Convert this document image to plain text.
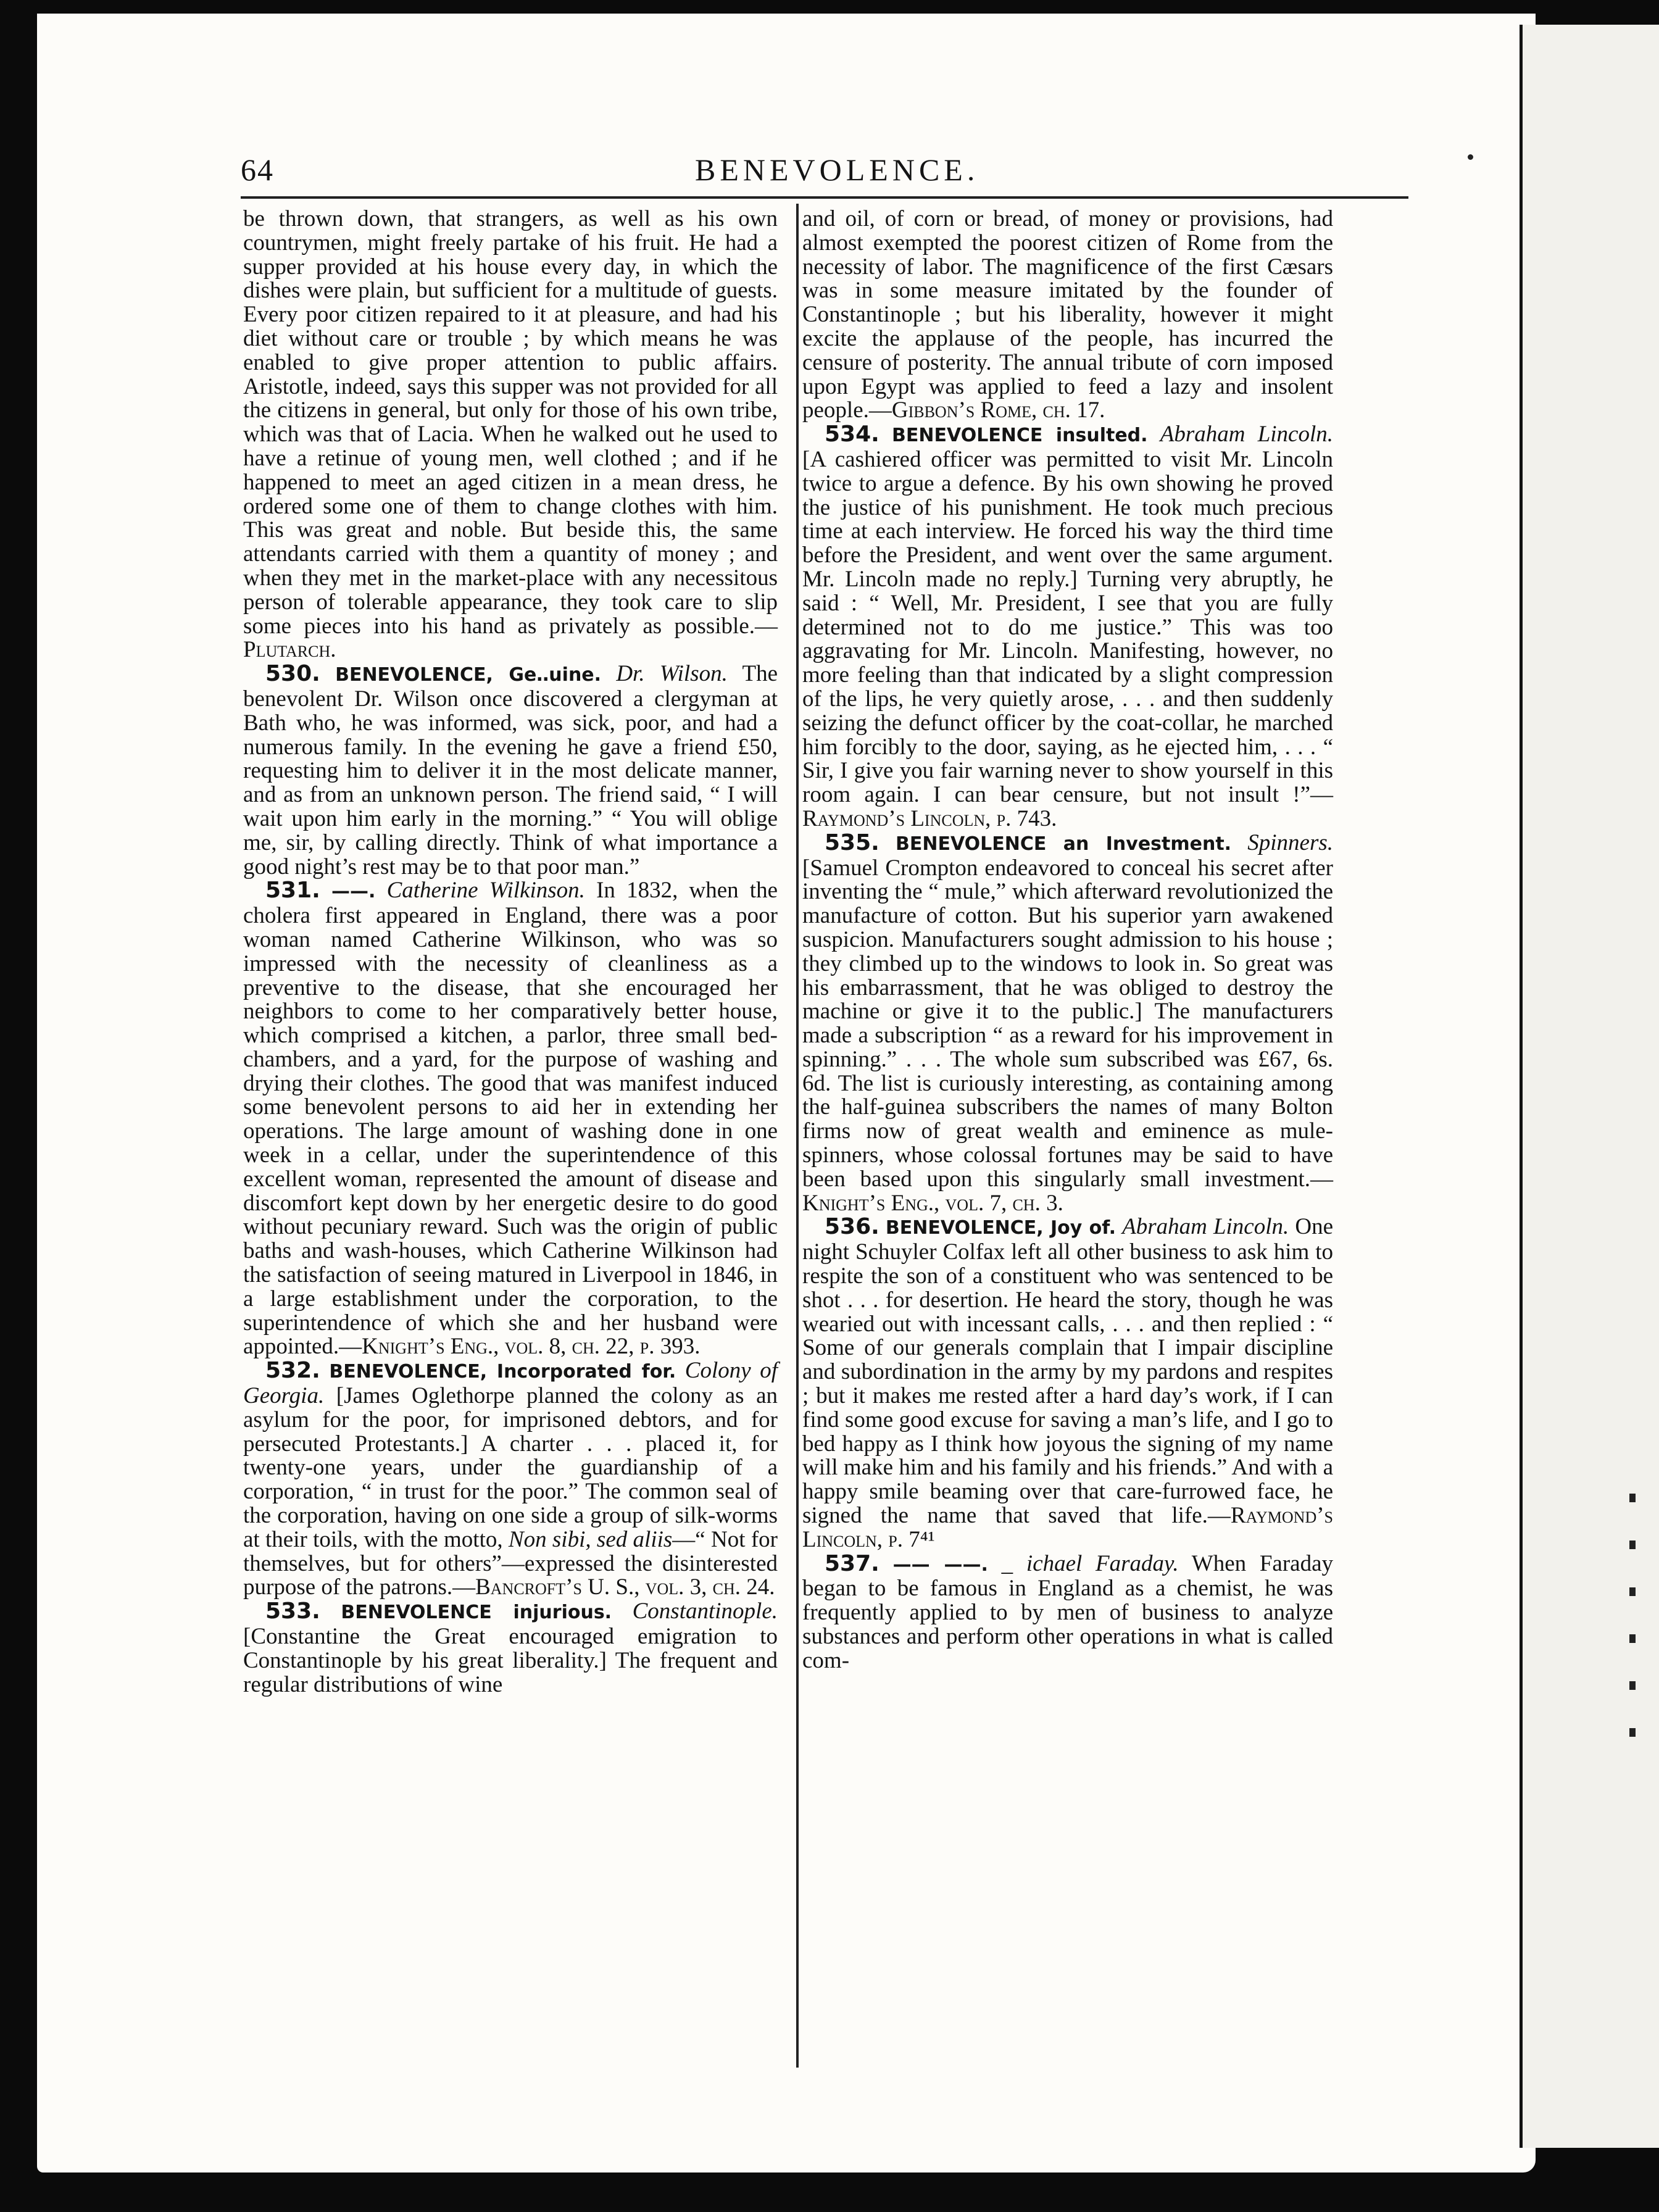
64	BENEVOLENCE.

be thrown down, that strangers, as well as his own countrymen, might freely partake of his fruit. He had a supper provided at his house every day, in which the dishes were plain, but sufficient for a multitude of guests. Every poor citizen repaired to it at pleasure, and had his diet without care or trouble ; by which means he was enabled to give proper attention to public affairs. Aristotle, indeed, says this supper was not provided for all the citizens in general, but only for those of his own tribe, which was that of Lacia. When he walked out he used to have a retinue of young men, well clothed ; and if he happened to meet an aged citizen in a mean dress, he ordered some one of them to change clothes with him. This was great and noble. But beside this, the same attendants carried with them a quantity of money ; and when they met in the market-place with any necessitous person of tolerable appearance, they took care to slip some pieces into his hand as privately as possible.—Plutarch.

530. BENEVOLENCE, Ge‥uine. Dr. Wilson. The benevolent Dr. Wilson once discovered a clergyman at Bath who, he was informed, was sick, poor, and had a numerous family. In the evening he gave a friend £50, requesting him to deliver it in the most delicate manner, and as from an unknown person. The friend said, “ I will wait upon him early in the morning.” “ You will oblige me, sir, by calling directly. Think of what importance a good night’s rest may be to that poor man.”

531. ——. Catherine Wilkinson. In 1832, when the cholera first appeared in England, there was a poor woman named Catherine Wilkinson, who was so impressed with the necessity of cleanliness as a preventive to the disease, that she encouraged her neighbors to come to her comparatively better house, which comprised a kitchen, a parlor, three small bed-chambers, and a yard, for the purpose of washing and drying their clothes. The good that was manifest induced some benevolent persons to aid her in extending her operations. The large amount of washing done in one week in a cellar, under the superintendence of this excellent woman, represented the amount of disease and discomfort kept down by her energetic desire to do good without pecuniary reward. Such was the origin of public baths and wash-houses, which Catherine Wilkinson had the satisfaction of seeing matured in Liverpool in 1846, in a large establishment under the corporation, to the superintendence of which she and her husband were appointed.—Knight’s Eng., vol. 8, ch. 22, p. 393.

532. BENEVOLENCE, Incorporated for. Colony of Georgia. [James Oglethorpe planned the colony as an asylum for the poor, for imprisoned debtors, and for persecuted Protestants.] A charter . . . placed it, for twenty-one years, under the guardianship of a corporation, “ in trust for the poor.” The common seal of the corporation, having on one side a group of silk-worms at their toils, with the motto, Non sibi, sed aliis—“ Not for themselves, but for others”—expressed the disinterested purpose of the patrons.—Bancroft’s U. S., vol. 3, ch. 24.

533. BENEVOLENCE injurious. Constantinople. [Constantine the Great encouraged emigration to Constantinople by his great liberality.] The frequent and regular distributions of wine

and oil, of corn or bread, of money or provisions, had almost exempted the poorest citizen of Rome from the necessity of labor. The magnificence of the first Cæsars was in some measure imitated by the founder of Constantinople ; but his liberality, however it might excite the applause of the people, has incurred the censure of posterity. The annual tribute of corn imposed upon Egypt was applied to feed a lazy and insolent people.—Gibbon’s Rome, ch. 17.

534. BENEVOLENCE insulted. Abraham Lincoln. [A cashiered officer was permitted to visit Mr. Lincoln twice to argue a defence. By his own showing he proved the justice of his punishment. He took much precious time at each interview. He forced his way the third time before the President, and went over the same argument. Mr. Lincoln made no reply.] Turning very abruptly, he said : “ Well, Mr. President, I see that you are fully determined not to do me justice.” This was too aggravating for Mr. Lincoln. Manifesting, however, no more feeling than that indicated by a slight compression of the lips, he very quietly arose, . . . and then suddenly seizing the defunct officer by the coat-collar, he marched him forcibly to the door, saying, as he ejected him, . . . “ Sir, I give you fair warning never to show yourself in this room again. I can bear censure, but not insult !”—Raymond’s Lincoln, p. 743.

535. BENEVOLENCE an Investment. Spinners. [Samuel Crompton endeavored to conceal his secret after inventing the “ mule,” which afterward revolutionized the manufacture of cotton. But his superior yarn awakened suspicion. Manufacturers sought admission to his house ; they climbed up to the windows to look in. So great was his embarrassment, that he was obliged to destroy the machine or give it to the public.] The manufacturers made a subscription “ as a reward for his improvement in spinning.” . . . The whole sum subscribed was £67, 6s. 6d. The list is curiously interesting, as containing among the half-guinea subscribers the names of many Bolton firms now of great wealth and eminence as mule-spinners, whose colossal fortunes may be said to have been based upon this singularly small investment.—Knight’s Eng., vol. 7, ch. 3.

536. BENEVOLENCE, Joy of. Abraham Lincoln. One night Schuyler Colfax left all other business to ask him to respite the son of a constituent who was sentenced to be shot . . . for desertion. He heard the story, though he was wearied out with incessant calls, . . . and then replied : “ Some of our generals complain that I impair discipline and subordination in the army by my pardons and respites ; but it makes me rested after a hard day’s work, if I can find some good excuse for saving a man’s life, and I go to bed happy as I think how joyous the signing of my name will make him and his family and his friends.” And with a happy smile beaming over that care-furrowed face, he signed the name that saved that life.—Raymond’s Lincoln, p. 7⁴¹

537. —— ——. _ ichael Faraday. When Faraday began to be famous in England as a chemist, he was frequently applied to by men of business to analyze substances and perform other operations in what is called com-
